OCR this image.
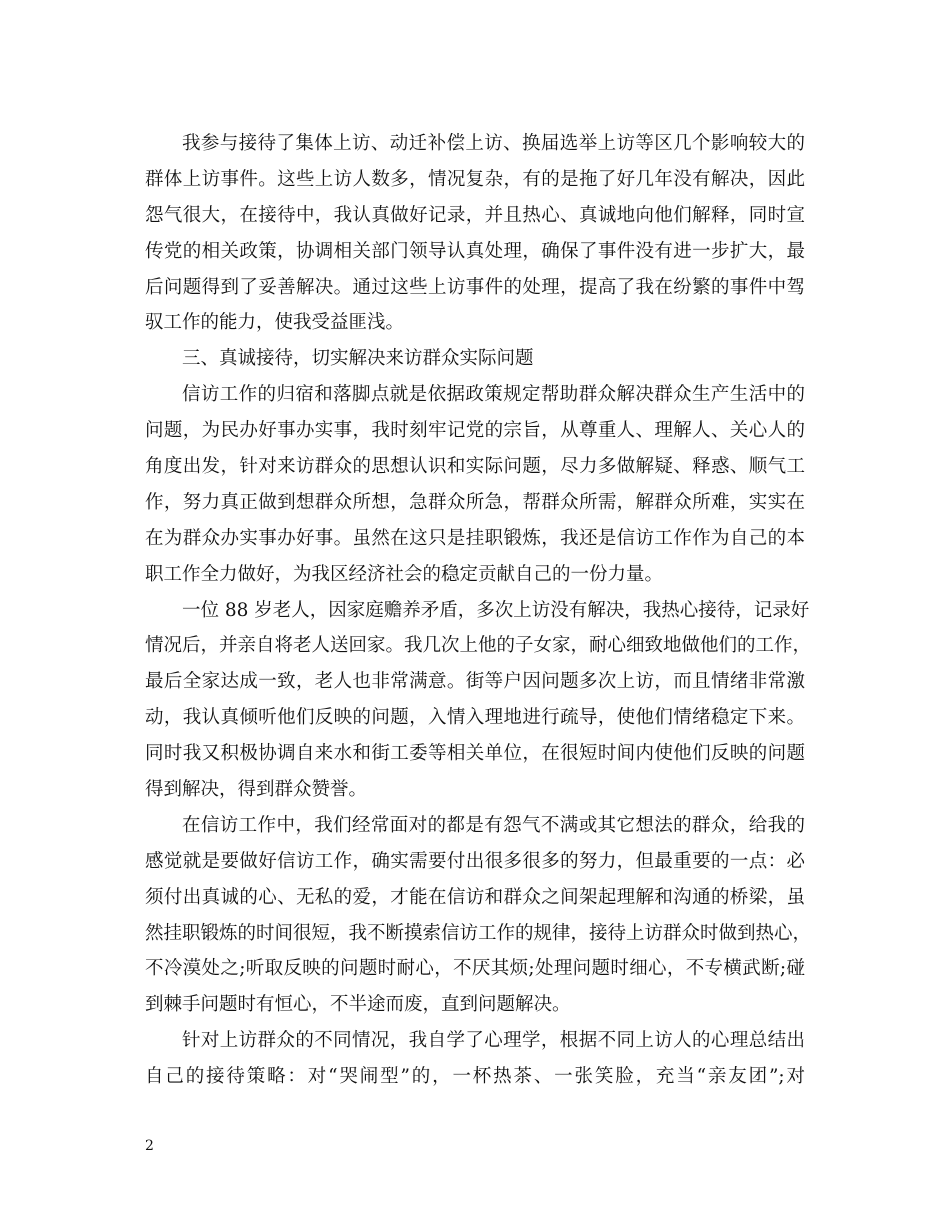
我参与接待了集体上访、动迁补偿上访、换届选举上访等区几个影响较大的
群体上访事件。这些上访人数多，情况复杂，有的是拖了好几年没有解决，因此
怨气很大，在接待中，我认真做好记录，并且热心、真诚地向他们解释，同时宣
传党的相关政策，协调相关部门领导认真处理，确保了事件没有进一步扩大，最
后问题得到了妥善解决。通过这些上访事件的处理，提高了我在纷繁的事件中驾
驭工作的能力，使我受益匪浅。
三、真诚接待，切实解决来访群众实际问题
信访工作的归宿和落脚点就是依据政策规定帮助群众解决群众生产生活中的
问题，为民办好事办实事，我时刻牢记党的宗旨，从尊重人、理解人、关心人的
角度出发，针对来访群众的思想认识和实际问题，尽力多做解疑、释惑、顺气工
作，努力真正做到想群众所想，急群众所急，帮群众所需，解群众所难，实实在
在为群众办实事办好事。虽然在这只是挂职锻炼，我还是信访工作作为自己的本
职工作全力做好，为我区经济社会的稳定贡献自己的一份力量。
一位 88 岁老人，因家庭赡养矛盾，多次上访没有解决，我热心接待，记录好
情况后，并亲自将老人送回家。我几次上他的子女家，耐心细致地做他们的工作，
最后全家达成一致，老人也非常满意。街等户因问题多次上访，而且情绪非常激
动，我认真倾听他们反映的问题，入情入理地进行疏导，使他们情绪稳定下来。
同时我又积极协调自来水和街工委等相关单位，在很短时间内使他们反映的问题
得到解决，得到群众赞誉。
在信访工作中，我们经常面对的都是有怨气不满或其它想法的群众，给我的
感觉就是要做好信访工作，确实需要付出很多很多的努力，但最重要的一点：必
须付出真诚的心、无私的爱，才能在信访和群众之间架起理解和沟通的桥梁，虽
然挂职锻炼的时间很短，我不断摸索信访工作的规律，接待上访群众时做到热心，
不冷漠处之;听取反映的问题时耐心，不厌其烦;处理问题时细心，不专横武断;碰
到棘手问题时有恒心，不半途而废，直到问题解决。
针对上访群众的不同情况，我自学了心理学，根据不同上访人的心理总结出
自己的接待策略：对“哭闹型”的，一杯热茶、一张笑脸，充当“亲友团”;对
2
